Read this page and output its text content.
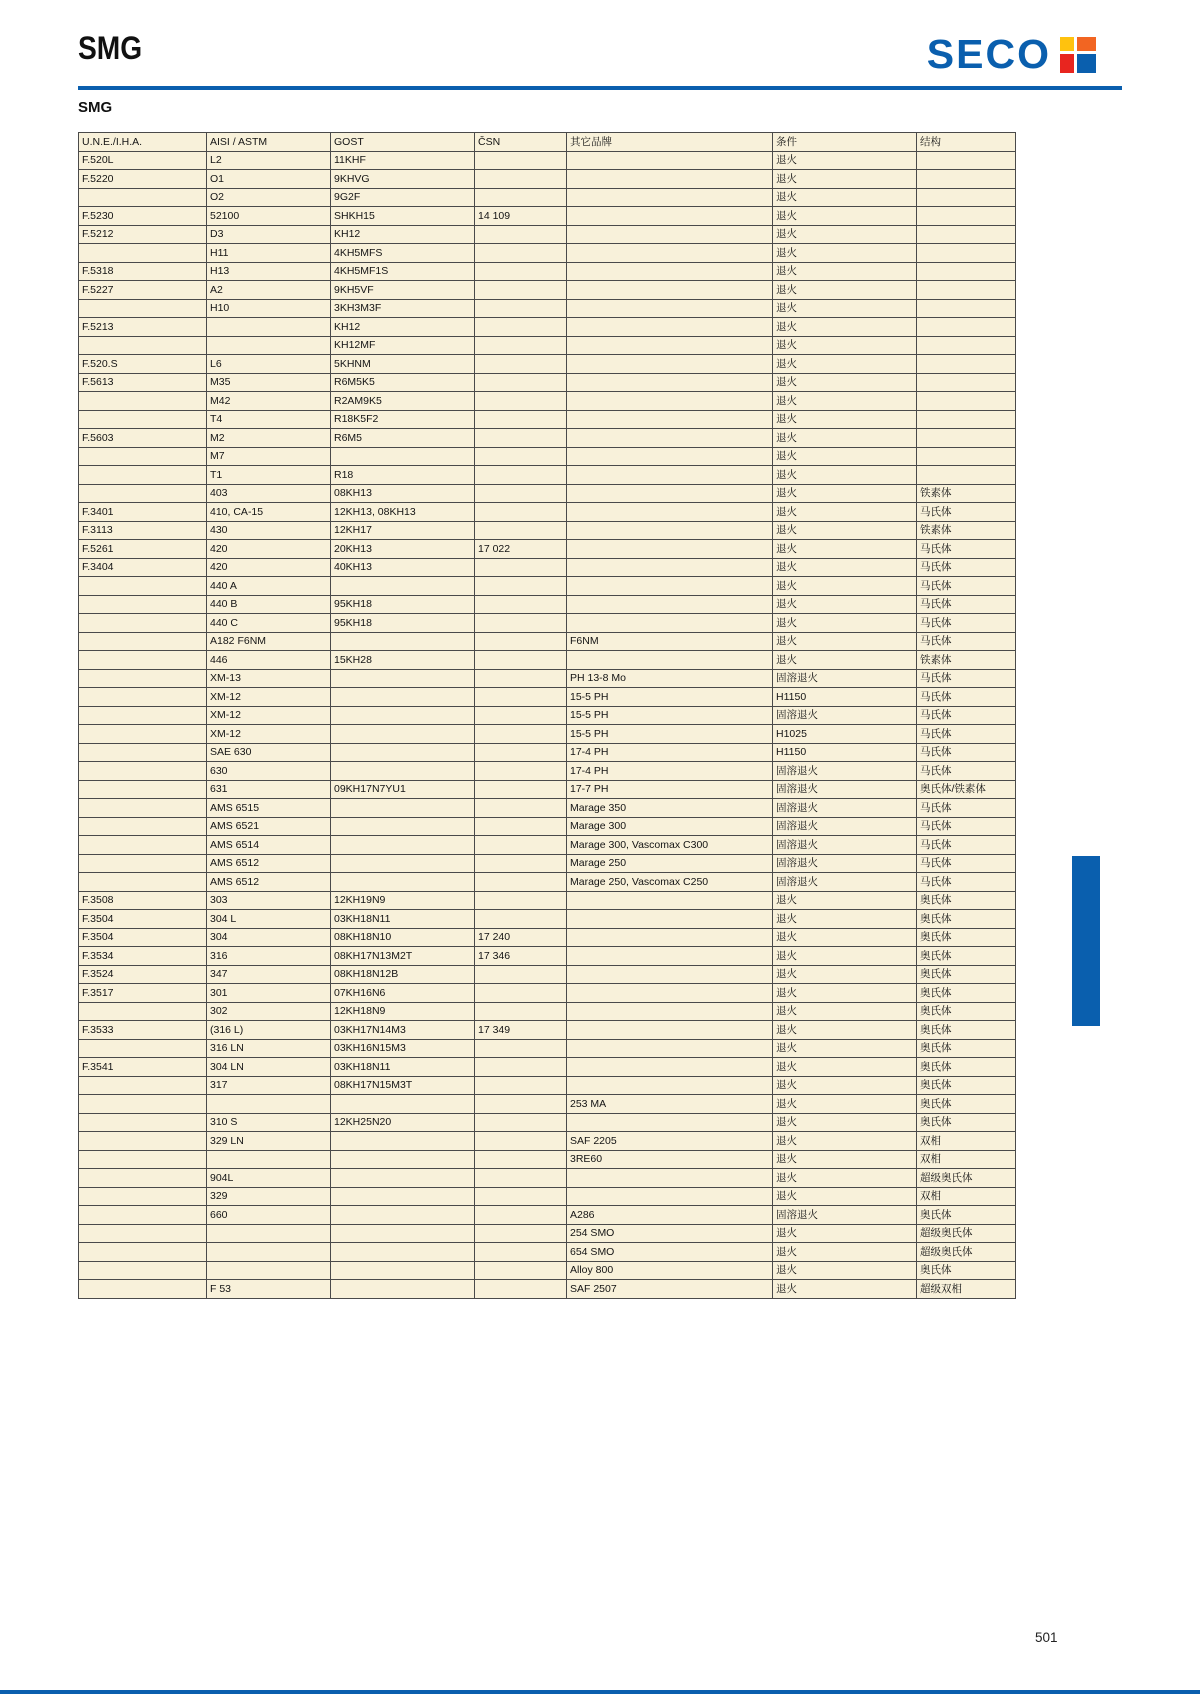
SMG	SECO
SMG
U.N.E./I.H.A.	AISI / ASTM	GOST	ČSN	其它品牌	条件	结构
F.520L	L2	11KHF			退火	
F.5220	O1	9KHVG			退火	
	O2	9G2F			退火	
F.5230	52100	SHKH15	14 109		退火	
F.5212	D3	KH12			退火	
	H11	4KH5MFS			退火	
F.5318	H13	4KH5MF1S			退火	
F.5227	A2	9KH5VF			退火	
	H10	3KH3M3F			退火	
F.5213		KH12			退火	
		KH12MF			退火	
F.520.S	L6	5KHNM			退火	
F.5613	M35	R6M5K5			退火	
	M42	R2AM9K5			退火	
	T4	R18K5F2			退火	
F.5603	M2	R6M5			退火	
	M7				退火	
	T1	R18			退火	
	403	08KH13			退火	铁素体
F.3401	410, CA-15	12KH13, 08KH13			退火	马氏体
F.3113	430	12KH17			退火	铁素体
F.5261	420	20KH13	17 022		退火	马氏体
F.3404	420	40KH13			退火	马氏体
	440 A				退火	马氏体
	440 B	95KH18			退火	马氏体
	440 C	95KH18			退火	马氏体
	A182 F6NM			F6NM	退火	马氏体
	446	15KH28			退火	铁素体
	XM-13			PH 13-8 Mo	固溶退火	马氏体
	XM-12			15-5 PH	H1150	马氏体
	XM-12			15-5 PH	固溶退火	马氏体
	XM-12			15-5 PH	H1025	马氏体
	SAE 630			17-4 PH	H1150	马氏体
	630			17-4 PH	固溶退火	马氏体
	631	09KH17N7YU1		17-7 PH	固溶退火	奥氏体/铁素体
	AMS 6515			Marage 350	固溶退火	马氏体
	AMS 6521			Marage 300	固溶退火	马氏体
	AMS 6514			Marage 300, Vascomax C300	固溶退火	马氏体
	AMS 6512			Marage 250	固溶退火	马氏体
	AMS 6512			Marage 250, Vascomax C250	固溶退火	马氏体
F.3508	303	12KH19N9			退火	奥氏体
F.3504	304 L	03KH18N11			退火	奥氏体
F.3504	304	08KH18N10	17 240		退火	奥氏体
F.3534	316	08KH17N13M2T	17 346		退火	奥氏体
F.3524	347	08KH18N12B			退火	奥氏体
F.3517	301	07KH16N6			退火	奥氏体
	302	12KH18N9			退火	奥氏体
F.3533	(316 L)	03KH17N14M3	17 349		退火	奥氏体
	316 LN	03KH16N15M3			退火	奥氏体
F.3541	304 LN	03KH18N11			退火	奥氏体
	317	08KH17N15M3T			退火	奥氏体
				253 MA	退火	奥氏体
	310 S	12KH25N20			退火	奥氏体
	329 LN			SAF 2205	退火	双相
				3RE60	退火	双相
	904L				退火	超级奥氏体
	329				退火	双相
	660			A286	固溶退火	奥氏体
				254 SMO	退火	超级奥氏体
				654 SMO	退火	超级奥氏体
				Alloy 800	退火	奥氏体
	F 53			SAF 2507	退火	超级双相
501
